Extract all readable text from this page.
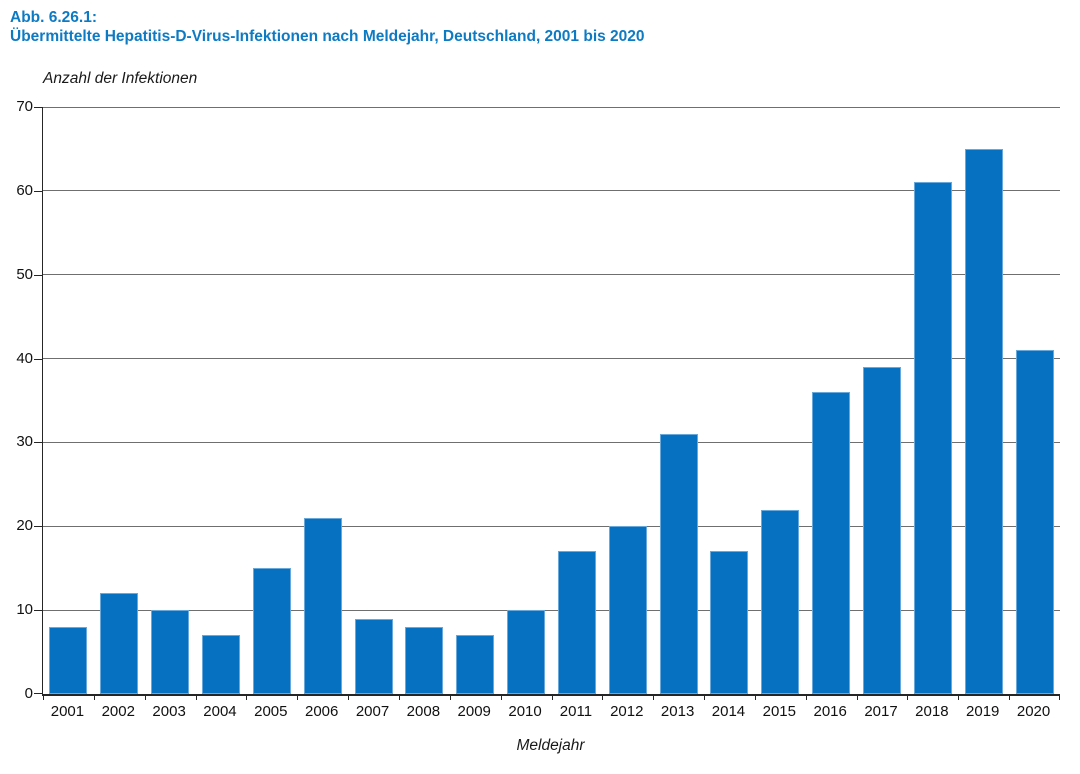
Abb. 6.26.1:
Übermittelte Hepatitis-D-Virus-Infektionen nach Meldejahr, Deutschland, 2001 bis 2020
Anzahl der Infektionen
0
10
20
30
40
50
60
70
2001	2002	2003	2004	2005	2006	2007	2008	2009	2010	2011	2012	2013	2014	2015	2016	2017	2018	2019	2020
Meldejahr
